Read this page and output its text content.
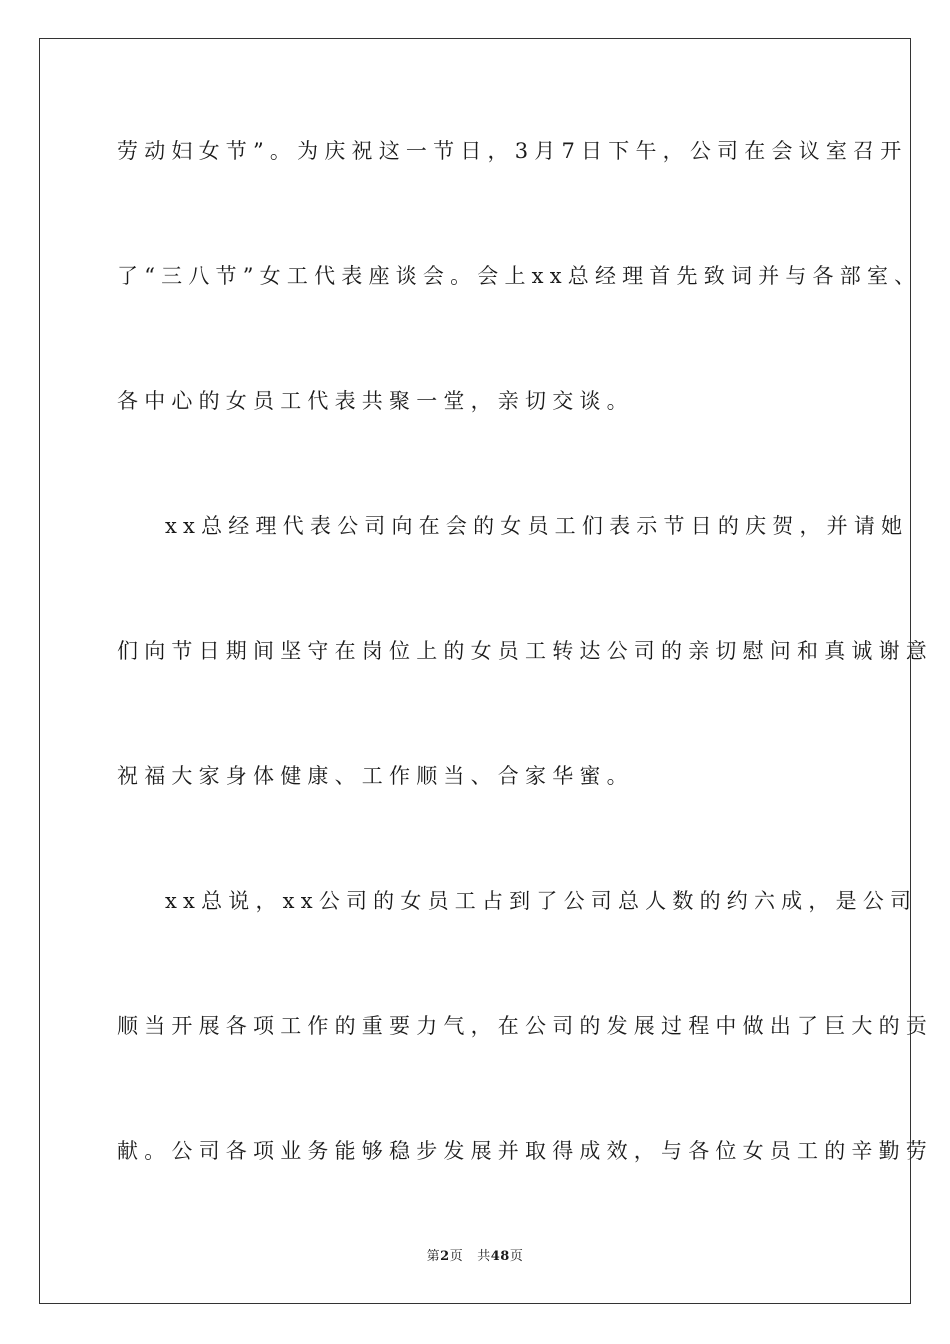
劳动妇女节”。为庆祝这一节日，3月7日下午，公司在会议室召开
了“三八节”女工代表座谈会。会上xx总经理首先致词并与各部室、
各中心的女员工代表共聚一堂，亲切交谈。
xx总经理代表公司向在会的女员工们表示节日的庆贺，并请她
们向节日期间坚守在岗位上的女员工转达公司的亲切慰问和真诚谢意
祝福大家身体健康、工作顺当、合家华蜜。
xx总说，xx公司的女员工占到了公司总人数的约六成，是公司
顺当开展各项工作的重要力气，在公司的发展过程中做出了巨大的贡
献。公司各项业务能够稳步发展并取得成效，与各位女员工的辛勤劳
第2页 共48页
